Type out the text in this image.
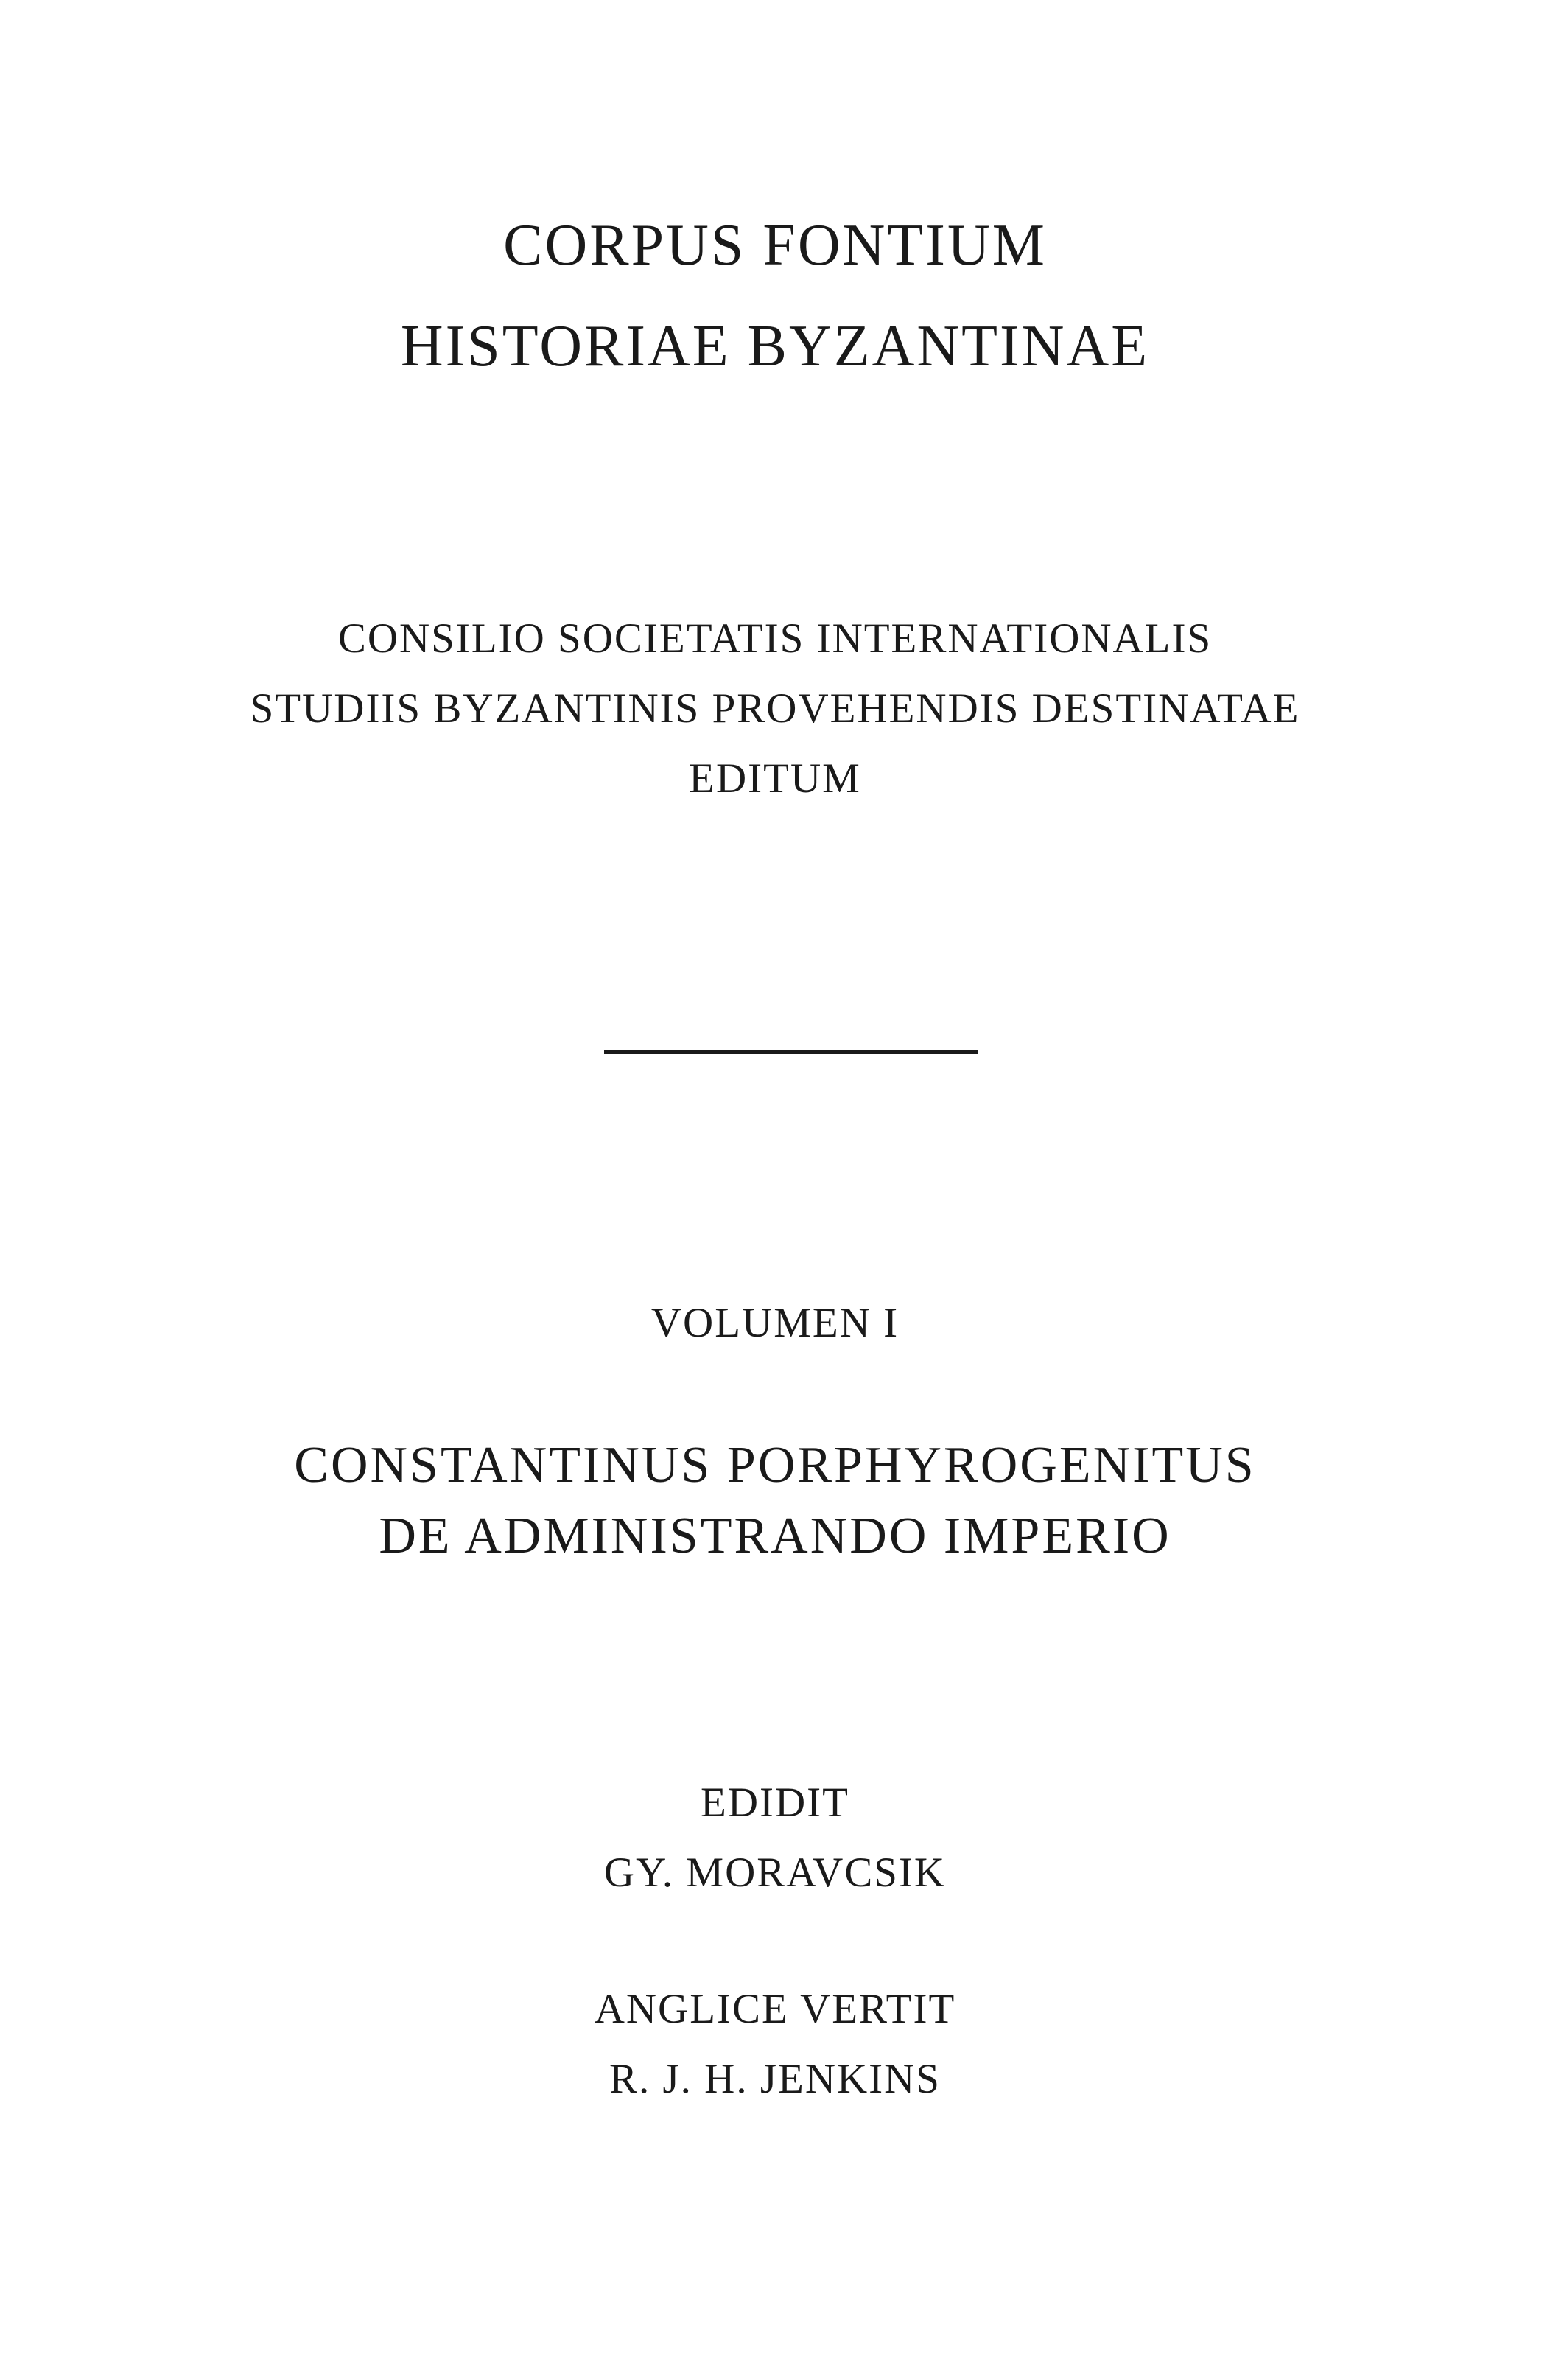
CORPUS FONTIUM
HISTORIAE BYZANTINAE
CONSILIO SOCIETATIS INTERNATIONALIS
STUDIIS BYZANTINIS PROVEHENDIS DESTINATAE
EDITUM
VOLUMEN I
CONSTANTINUS PORPHYROGENITUS
DE ADMINISTRANDO IMPERIO
EDIDIT
GY. MORAVCSIK
ANGLICE VERTIT
R. J. H. JENKINS
